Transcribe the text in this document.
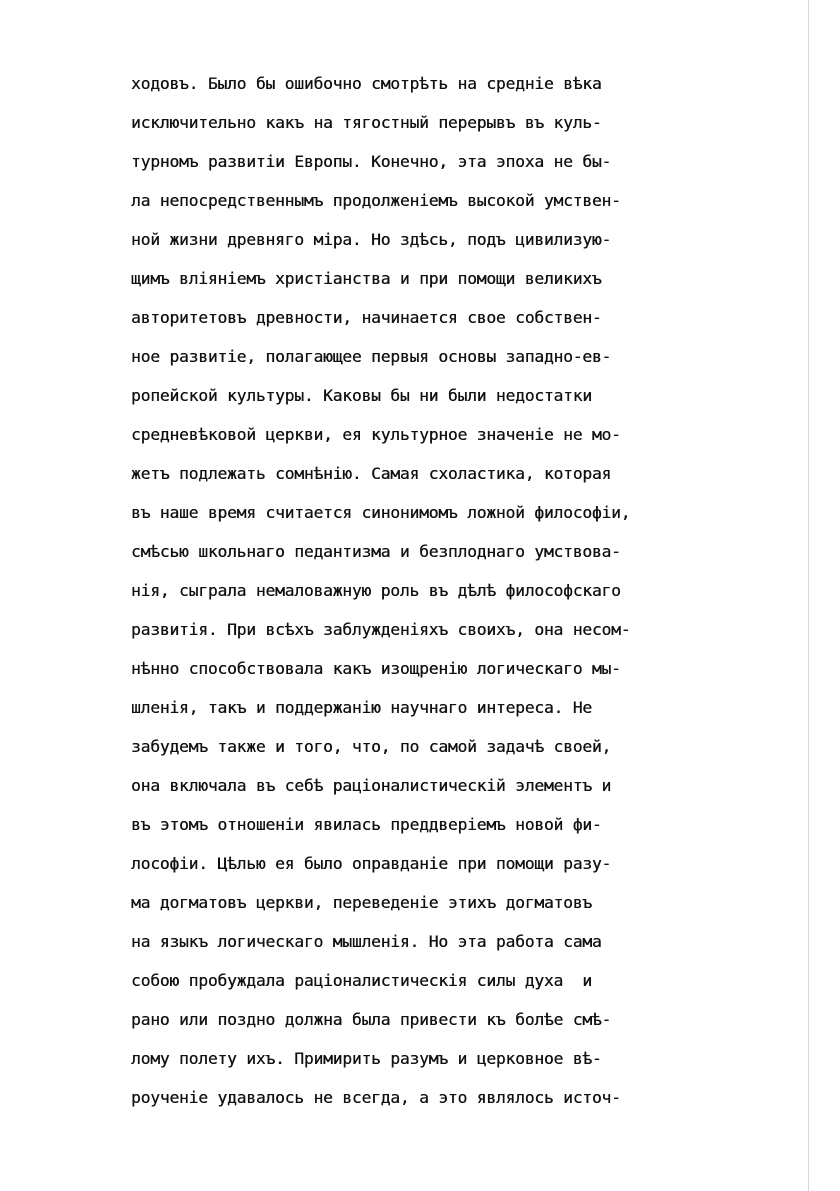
ходовъ. Было бы ошибочно смотрѣть на средніе вѣка
исключительно какъ на тягостный перерывъ въ куль-
турномъ развитіи Европы. Конечно, эта эпоха не бы-
ла непосредственнымъ продолженіемъ высокой умствен-
ной жизни древняго міра. Но здѣсь, подъ цивилизую-
щимъ вліяніемъ христіанства и при помощи великихъ
авторитетовъ древности, начинается свое собствен-
ное развитіе, полагающее первыя основы западно-ев-
ропейской культуры. Каковы бы ни были недостатки
средневѣковой церкви, ея культурное значеніе не мо-
жетъ подлежать сомнѣнію. Самая схоластика, которая
въ наше время считается синонимомъ ложной философіи,
смѣсью школьнаго педантизма и безплоднаго умствова-
нія, сыграла немаловажную роль въ дѣлѣ философскаго
развитія. При всѣхъ заблужденіяхъ своихъ, она несом-
нѣнно способствовала какъ изощренію логическаго мы-
шленія, такъ и поддержанію научнаго интереса. Не
забудемъ также и того, что, по самой задачѣ своей,
она включала въ себѣ раціоналистическій элементъ и
въ этомъ отношеніи явилась преддверіемъ новой фи-
лософіи. Цѣлью ея было оправданіе при помощи разу-
ма догматовъ церкви, переведеніе этихъ догматовъ
на языкъ логическаго мышленія. Но эта работа сама
собою пробуждала раціоналистическія силы духа  и
рано или поздно должна была привести къ болѣе смѣ-
лому полету ихъ. Примирить разумъ и церковное вѣ-
роученіе удавалось не всегда, а это являлось источ-
